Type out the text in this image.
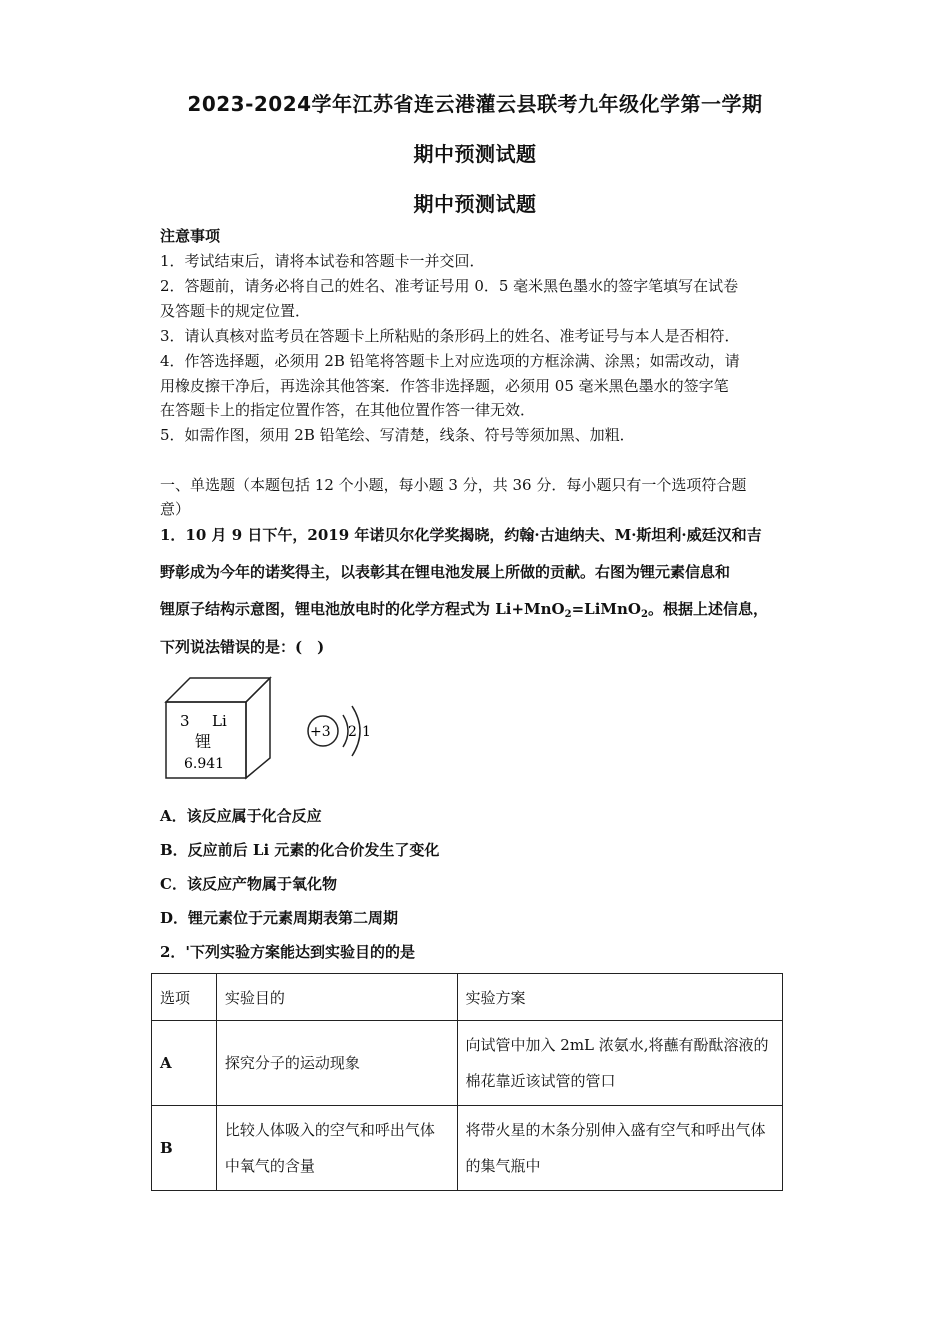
2023-2024学年江苏省连云港灌云县联考九年级化学第一学期
期中预测试题
期中预测试题
注意事项
1．考试结束后，请将本试卷和答题卡一并交回．
2．答题前，请务必将自己的姓名、准考证号用 0．5 毫米黑色墨水的签字笔填写在试卷
及答题卡的规定位置．
3．请认真核对监考员在答题卡上所粘贴的条形码上的姓名、准考证号与本人是否相符．
4．作答选择题，必须用 2B 铅笔将答题卡上对应选项的方框涂满、涂黑；如需改动，请
用橡皮擦干净后，再选涂其他答案．作答非选择题，必须用 05 毫米黑色墨水的签字笔
在答题卡上的指定位置作答，在其他位置作答一律无效．
5．如需作图，须用 2B 铅笔绘、写清楚，线条、符号等须加黑、加粗．
一、单选题（本题包括 12 个小题，每小题 3 分，共 36 分．每小题只有一个选项符合题
意）
1．10 月 9 日下午，2019 年诺贝尔化学奖揭晓，约翰·古迪纳夫、M·斯坦利·威廷汉和吉
野彰成为今年的诺奖得主，以表彰其在锂电池发展上所做的贡献。右图为锂元素信息和
锂原子结构示意图，锂电池放电时的化学方程式为 Li+MnO$_2$=LiMnO$_2$。根据上述信息，
下列说法错误的是：(　)
3 Li
锂
6.941
+3 2 1
A．该反应属于化合反应
B．反应前后 Li 元素的化合价发生了变化
C．该反应产物属于氧化物
D．锂元素位于元素周期表第二周期
2．'下列实验方案能达到实验目的的是
选项	实验目的	实验方案
A	探究分子的运动现象	向试管中加入 2mL 浓氨水,将蘸有酚酞溶液的棉花靠近该试管的管口
B	比较人体吸入的空气和呼出气体中氧气的含量	将带火星的木条分别伸入盛有空气和呼出气体的集气瓶中
